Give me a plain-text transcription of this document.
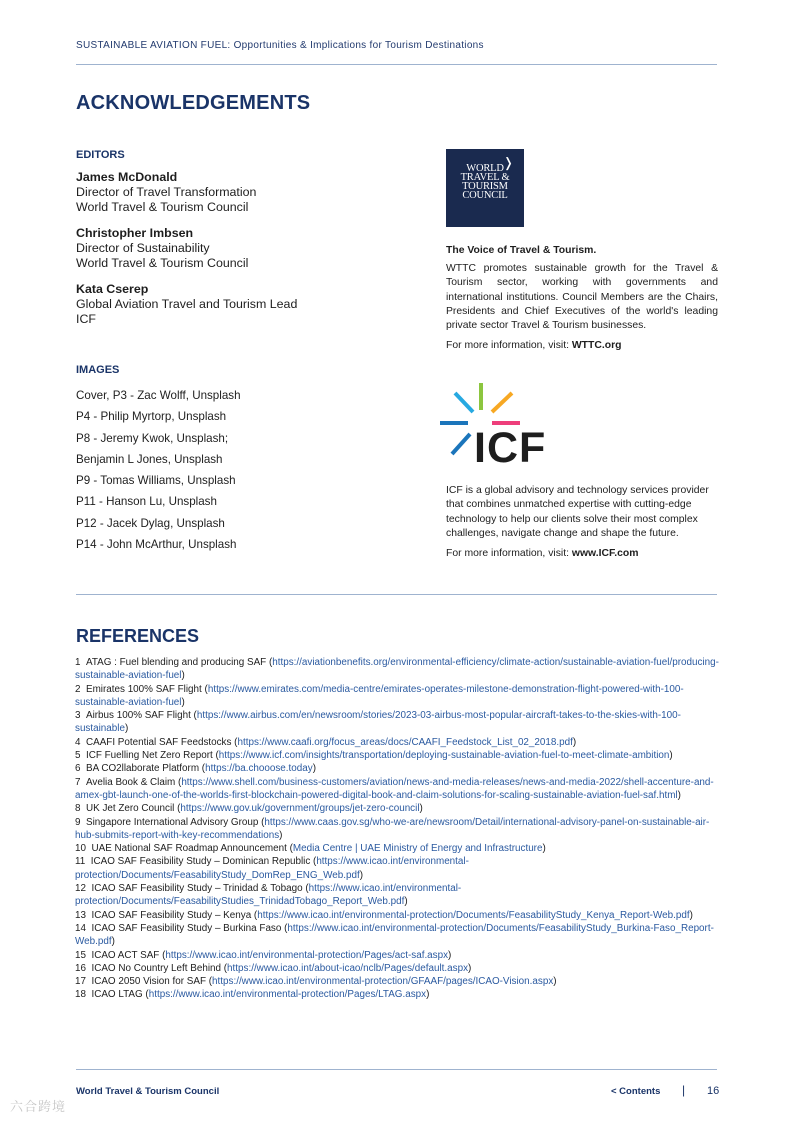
SUSTAINABLE AVIATION FUEL: Opportunities & Implications for Tourism Destinations
ACKNOWLEDGEMENTS
EDITORS
James McDonald
Director of Travel Transformation
World Travel & Tourism Council
Christopher Imbsen
Director of Sustainability
World Travel & Tourism Council
Kata Cserep
Global Aviation Travel and Tourism Lead
ICF
IMAGES
Cover, P3 - Zac Wolff, Unsplash
P4 - Philip Myrtorp, Unsplash
P8 - Jeremy Kwok, Unsplash;
Benjamin L Jones, Unsplash
P9 - Tomas Williams, Unsplash
P11 - Hanson Lu, Unsplash
P12 - Jacek Dylag, Unsplash
P14 - John McArthur, Unsplash
❭
WORLD
TRAVEL &
TOURISM
COUNCIL
The Voice of Travel & Tourism.
WTTC promotes sustainable growth for the Travel & Tourism sector, working with governments and international institutions. Council Members are the Chairs, Presidents and Chief Executives of the world's leading private sector Travel & Tourism businesses.
For more information, visit: WTTC.org
ICF
ICF is a global advisory and technology services provider that combines unmatched expertise with cutting-edge technology to help our clients solve their most complex challenges, navigate change and shape the future.
For more information, visit: www.ICF.com
REFERENCES
1  ATAG : Fuel blending and producing SAF (https://aviationbenefits.org/environmental-efficiency/climate-action/sustainable-aviation-fuel/producing-sustainable-aviation-fuel)
2  Emirates 100% SAF Flight (https://www.emirates.com/media-centre/emirates-operates-milestone-demonstration-flight-powered-with-100-sustainable-aviation-fuel)
3  Airbus 100% SAF Flight (https://www.airbus.com/en/newsroom/stories/2023-03-airbus-most-popular-aircraft-takes-to-the-skies-with-100-sustainable)
4  CAAFI Potential SAF Feedstocks (https://www.caafi.org/focus_areas/docs/CAAFI_Feedstock_List_02_2018.pdf)
5  ICF Fuelling Net Zero Report (https://www.icf.com/insights/transportation/deploying-sustainable-aviation-fuel-to-meet-climate-ambition)
6  BA CO2llaborate Platform (https://ba.chooose.today)
7  Avelia Book & Claim (https://www.shell.com/business-customers/aviation/news-and-media-releases/news-and-media-2022/shell-accenture-and-amex-gbt-launch-one-of-the-worlds-first-blockchain-powered-digital-book-and-claim-solutions-for-scaling-sustainable-aviation-fuel-saf.html)
8  UK Jet Zero Council (https://www.gov.uk/government/groups/jet-zero-council)
9  Singapore International Advisory Group (https://www.caas.gov.sg/who-we-are/newsroom/Detail/international-advisory-panel-on-sustainable-air-hub-submits-report-with-key-recommendations)
10  UAE National SAF Roadmap Announcement (Media Centre | UAE Ministry of Energy and Infrastructure)
11  ICAO SAF Feasibility Study – Dominican Republic (https://www.icao.int/environmental-protection/Documents/FeasabilityStudy_DomRep_ENG_Web.pdf)
12  ICAO SAF Feasibility Study – Trinidad & Tobago (https://www.icao.int/environmental-protection/Documents/FeasabilityStudies_TrinidadTobago_Report_Web.pdf)
13  ICAO SAF Feasibility Study – Kenya (https://www.icao.int/environmental-protection/Documents/FeasabilityStudy_Kenya_Report-Web.pdf)
14  ICAO SAF Feasibility Study – Burkina Faso (https://www.icao.int/environmental-protection/Documents/FeasabilityStudy_Burkina-Faso_Report-Web.pdf)
15  ICAO ACT SAF (https://www.icao.int/environmental-protection/Pages/act-saf.aspx)
16  ICAO No Country Left Behind (https://www.icao.int/about-icao/nclb/Pages/default.aspx)
17  ICAO 2050 Vision for SAF (https://www.icao.int/environmental-protection/GFAAF/pages/ICAO-Vision.aspx)
18  ICAO LTAG (https://www.icao.int/environmental-protection/Pages/LTAG.aspx)
World Travel & Tourism Council	< Contents | 16
六合跨境
